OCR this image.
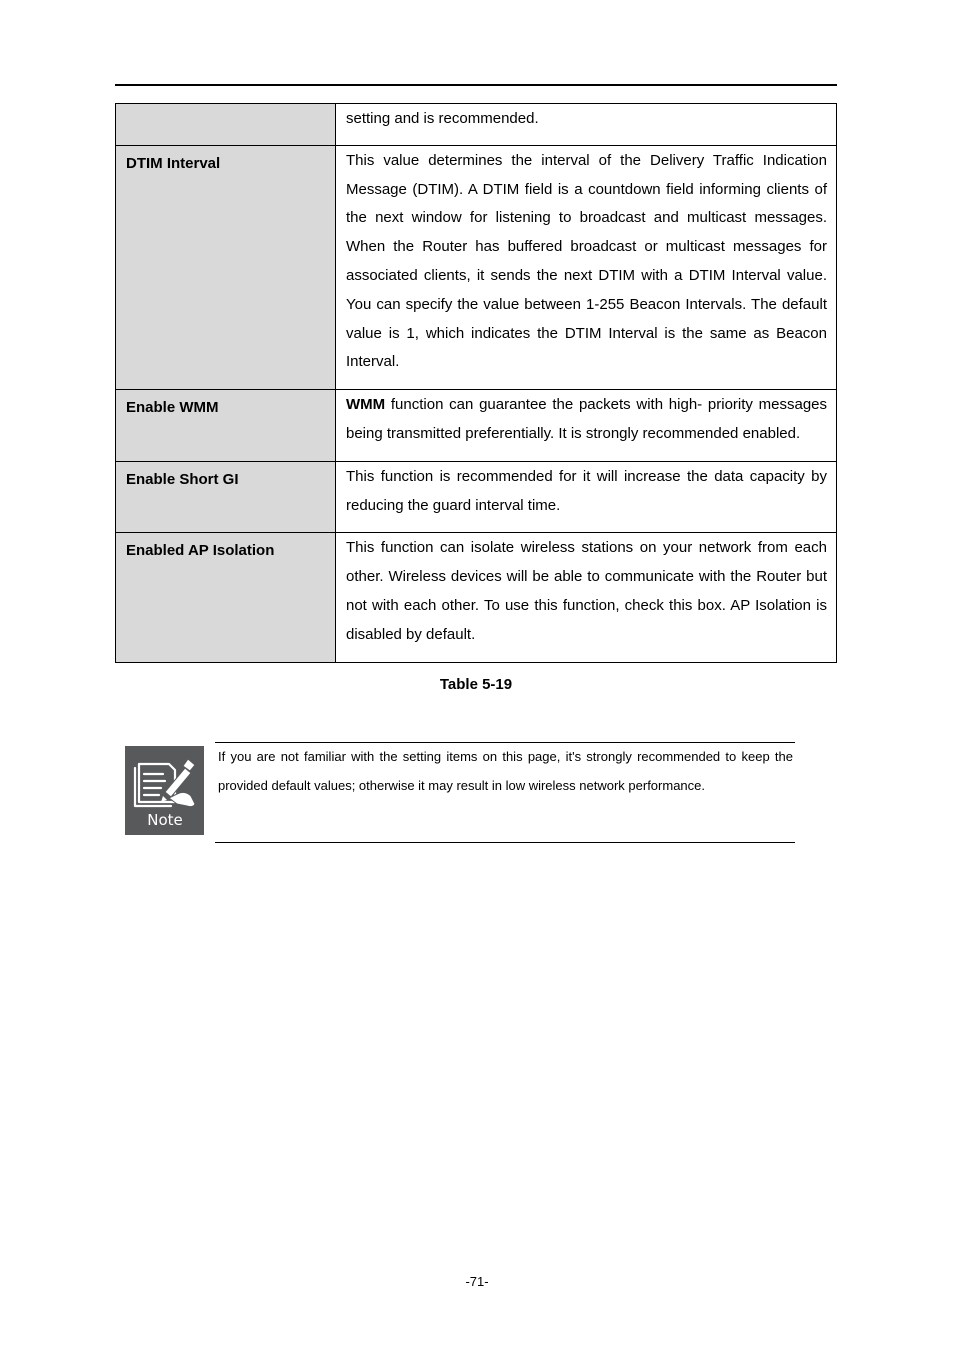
	setting and is recommended.
DTIM Interval	This value determines the interval of the Delivery Traffic Indication Message (DTIM). A DTIM field is a countdown field informing clients of the next window for listening to broadcast and multicast messages. When the Router has buffered broadcast or multicast messages for associated clients, it sends the next DTIM with a DTIM Interval value. You can specify the value between 1-255 Beacon Intervals. The default value is 1, which indicates the DTIM Interval is the same as Beacon Interval.
Enable WMM	WMM function can guarantee the packets with high- priority messages being transmitted preferentially. It is strongly recommended enabled.
Enable Short GI	This function is recommended for it will increase the data capacity by reducing the guard interval time.
Enabled AP Isolation	This function can isolate wireless stations on your network from each other. Wireless devices will be able to communicate with the Router but not with each other. To use this function, check this box. AP Isolation is disabled by default.
Table 5-19
Note
If you are not familiar with the setting items on this page, it's strongly recommended to keep the provided default values; otherwise it may result in low wireless network performance.
-71-
